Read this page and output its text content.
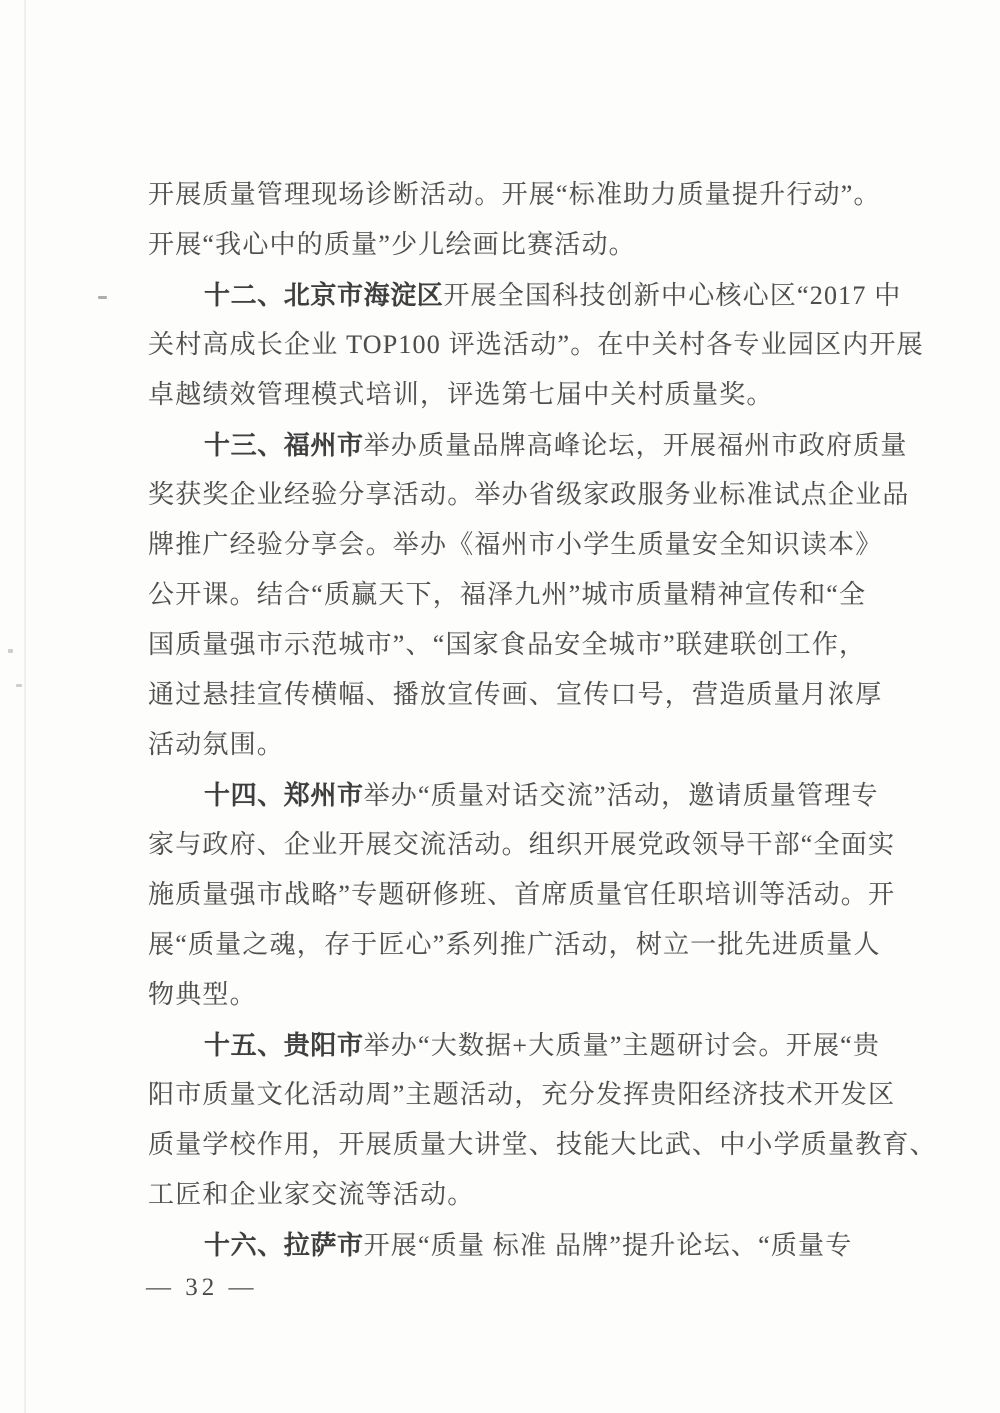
开展质量管理现场诊断活动。开展“标准助力质量提升行动”。
开展“我心中的质量”少儿绘画比赛活动。
十二、北京市海淀区开展全国科技创新中心核心区“2017 中
关村高成长企业 TOP100 评选活动”。在中关村各专业园区内开展
卓越绩效管理模式培训，评选第七届中关村质量奖。
十三、福州市举办质量品牌高峰论坛，开展福州市政府质量
奖获奖企业经验分享活动。举办省级家政服务业标准试点企业品
牌推广经验分享会。举办《福州市小学生质量安全知识读本》
公开课。结合“质赢天下，福泽九州”城市质量精神宣传和“全
国质量强市示范城市”、“国家食品安全城市”联建联创工作，
通过悬挂宣传横幅、播放宣传画、宣传口号，营造质量月浓厚
活动氛围。
十四、郑州市举办“质量对话交流”活动，邀请质量管理专
家与政府、企业开展交流活动。组织开展党政领导干部“全面实
施质量强市战略”专题研修班、首席质量官任职培训等活动。开
展“质量之魂，存于匠心”系列推广活动，树立一批先进质量人
物典型。
十五、贵阳市举办“大数据+大质量”主题研讨会。开展“贵
阳市质量文化活动周”主题活动，充分发挥贵阳经济技术开发区
质量学校作用，开展质量大讲堂、技能大比武、中小学质量教育、
工匠和企业家交流等活动。
十六、拉萨市开展“质量 标准 品牌”提升论坛、“质量专
— 32 —
